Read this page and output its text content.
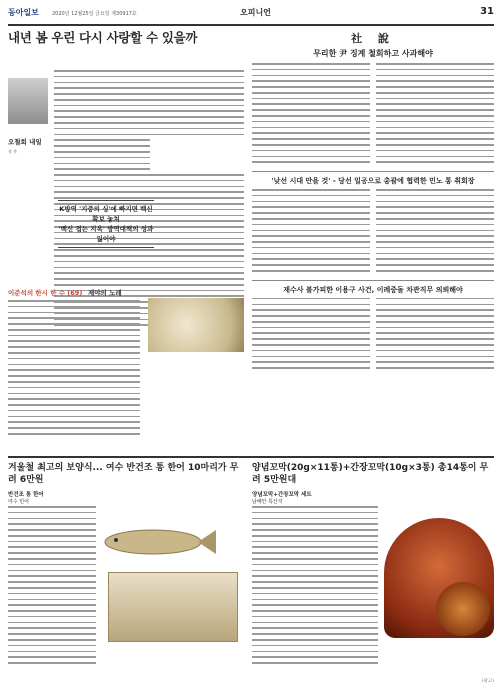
동아일보	2020년 12월25일 금요일 제30917호	오피니언	31
내년 봄 우린 다시 사랑할 수 있을까
오철희 내일
작 촉
K방역 '지중의 싱'에 빠지면 백신 확보 놓쳐
'백신 접는 지옥' 방역대책의 성과 잃어야
이준석의 한시 한 수 (69) 제야의 노래
社 說
무리한 尹 징계 철회하고 사과해야
'낮선 시대 만을 것' - 당선 일공으로 총괄에 협력한 민노 통 취회장
재수사 불가피한 이용구 사건, 이례중돌 차관직무 의뢰해야
겨울철 최고의 보양식... 여수 반건조 통 한어 10마리가 무려 6만원
반건조 통 한어
여수 민어
양념꼬막(20g×11통)+간장꼬막(10g×3통) 총14통이 무려 5만원대
양념꼬막+간장꼬막 세트
남해안 특산지
(광고)
